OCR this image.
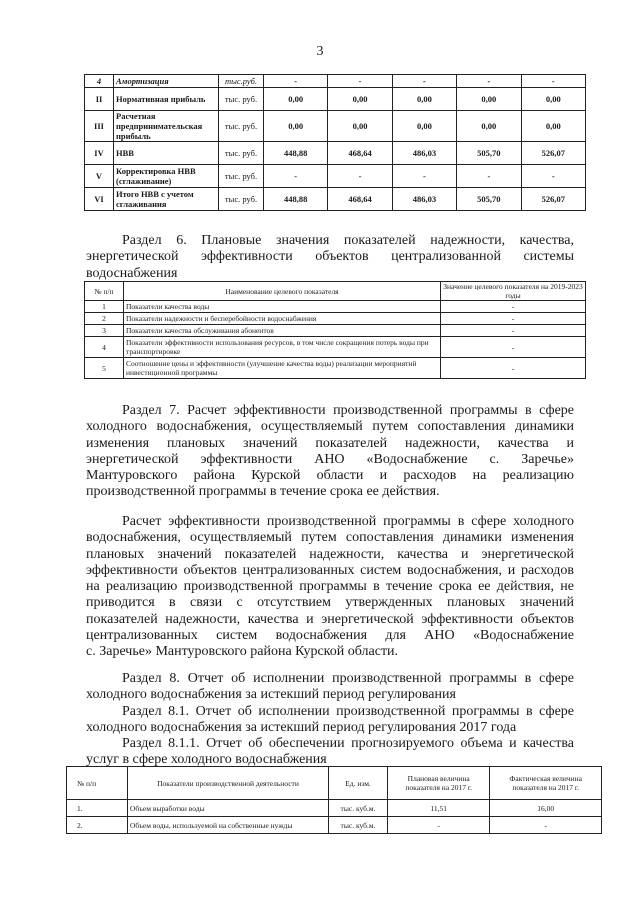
3
4	Амортизация	тыс.руб.	-	-	-	-	-
II	Нормативная прибыль	тыс. руб.	0,00	0,00	0,00	0,00	0,00
III	Расчетная предпринимательская прибыль	тыс. руб.	0,00	0,00	0,00	0,00	0,00
IV	НВВ	тыс. руб.	448,88	468,64	486,03	505,70	526,07
V	Корректировка НВВ (сглаживание)	тыс. руб.	-	-	-	-	-
VI	Итого НВВ с учетом сглаживания	тыс. руб.	448,88	468,64	486,03	505,70	526,07
Раздел 6. Плановые значения показателей надежности, качества,
энергетической эффективности объектов централизованной системы
водоснабжения
№ п/п	Наименование целевого показателя	Значение целевого показателя на 2019-2023 годы
1	Показатели качества воды	-
2	Показатели надежности и бесперебойности водоснабжения	-
3	Показатели качества обслуживания абонентов	-
4	Показатели эффективности использования ресурсов, в том числе сокращения потерь воды при транспортировке	-
5	Соотношение цены и эффективности (улучшение качества воды) реализации мероприятий инвестиционной программы	-
Раздел 7. Расчет эффективности производственной программы в сфере
холодного водоснабжения, осуществляемый путем сопоставления динамики
изменения плановых значений показателей надежности, качества и
энергетической эффективности АНО «Водоснабжение с. Заречье»
Мантуровского района Курской области и расходов на реализацию
производственной программы в течение срока ее действия.
Расчет эффективности производственной программы в сфере холодного
водоснабжения, осуществляемый путем сопоставления динамики изменения
плановых значений показателей надежности, качества и энергетической
эффективности объектов централизованных систем водоснабжения, и расходов
на реализацию производственной программы в течение срока ее действия, не
приводится в связи с отсутствием утвержденных плановых значений
показателей надежности, качества и энергетической эффективности объектов
централизованных систем водоснабжения для АНО «Водоснабжение
с. Заречье» Мантуровского района Курской области.
Раздел 8. Отчет об исполнении производственной программы в сфере
холодного водоснабжения за истекший период регулирования
Раздел 8.1. Отчет об исполнении производственной программы в сфере
холодного водоснабжения за истекший период регулирования 2017 года
Раздел 8.1.1. Отчет об обеспечении прогнозируемого объема и качества
услуг в сфере холодного водоснабжения
№ п/п	Показатели производственной деятельности	Ед. изм.	Плановая величина показателя на 2017 г.	Фактическая величина показателя на 2017 г.
1.	Объем выработки воды	тыс. куб.м.	11,51	16,00
2.	Объем воды, используемой на собственные нужды	тыс. куб.м.	-	-
